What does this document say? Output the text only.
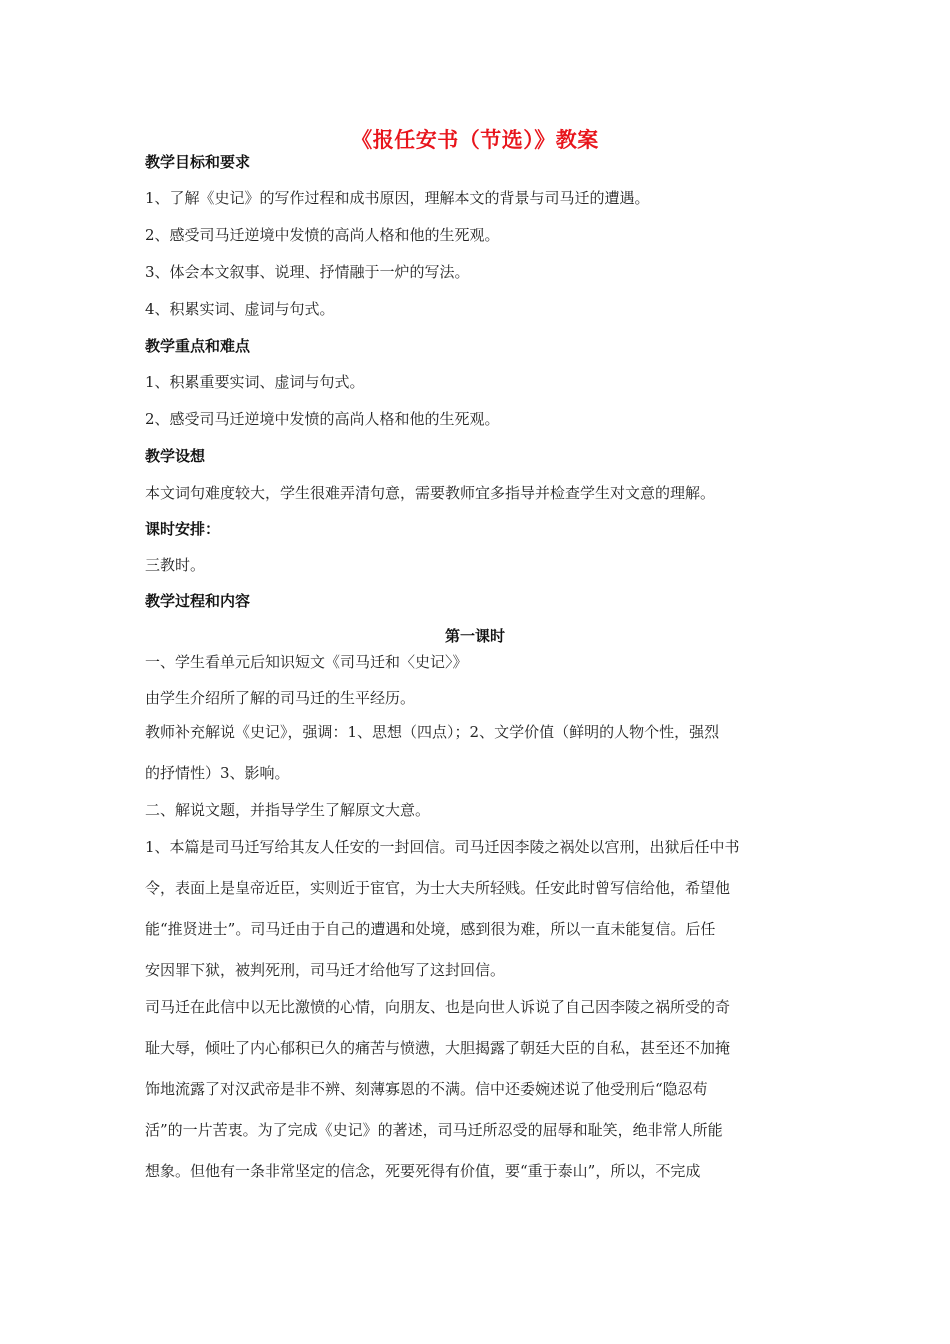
《报任安书（节选）》教案
教学目标和要求
1、了解《史记》的写作过程和成书原因，理解本文的背景与司马迁的遭遇。
2、感受司马迁逆境中发愤的高尚人格和他的生死观。
3、体会本文叙事、说理、抒情融于一炉的写法。
4、积累实词、虚词与句式。
教学重点和难点
1、积累重要实词、虚词与句式。
2、感受司马迁逆境中发愤的高尚人格和他的生死观。
教学设想
本文词句难度较大，学生很难弄清句意，需要教师宜多指导并检查学生对文意的理解。
课时安排：
三教时。
教学过程和内容
第一课时
一、学生看单元后知识短文《司马迁和〈史记〉》
由学生介绍所了解的司马迁的生平经历。
教师补充解说《史记》，强调：1、思想（四点）；2、文学价值（鲜明的人物个性，强烈
的抒情性）3、影响。
二、解说文题，并指导学生了解原文大意。
1、本篇是司马迁写给其友人任安的一封回信。司马迁因李陵之祸处以宫刑，出狱后任中书
令，表面上是皇帝近臣，实则近于宦官，为士大夫所轻贱。任安此时曾写信给他，希望他
能“推贤进士”。司马迁由于自己的遭遇和处境，感到很为难，所以一直未能复信。后任
安因罪下狱，被判死刑，司马迁才给他写了这封回信。
司马迁在此信中以无比激愤的心情，向朋友、也是向世人诉说了自己因李陵之祸所受的奇
耻大辱，倾吐了内心郁积已久的痛苦与愤懑，大胆揭露了朝廷大臣的自私，甚至还不加掩
饰地流露了对汉武帝是非不辨、刻薄寡恩的不满。信中还委婉述说了他受刑后“隐忍苟
活”的一片苦衷。为了完成《史记》的著述，司马迁所忍受的屈辱和耻笑，绝非常人所能
想象。但他有一条非常坚定的信念，死要死得有价值，要“重于泰山”，所以，不完成
